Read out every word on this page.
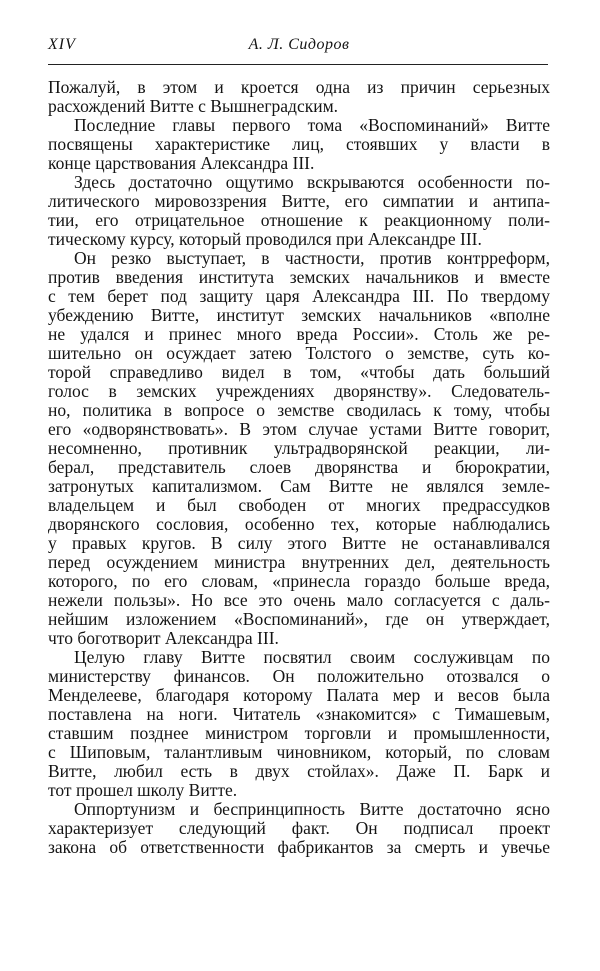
XIV	А. Л. Сидоров
Пожалуй, в этом и кроется одна из причин серьезных
расхождений Витте с Вышнеградским.
Последние главы первого тома «Воспоминаний» Витте
посвящены характеристике лиц, стоявших у власти в
конце царствования Александра III.
Здесь достаточно ощутимо вскрываются особенности по-
литического мировоззрения Витте, его симпатии и антипа-
тии, его отрицательное отношение к реакционному поли-
тическому курсу, который проводился при Александре III.
Он резко выступает, в частности, против контрреформ,
против введения института земских начальников и вместе
с тем берет под защиту царя Александра III. По твердому
убеждению Витте, институт земских начальников «вполне
не удался и принес много вреда России». Столь же ре-
шительно он осуждает затею Толстого о земстве, суть ко-
торой справедливо видел в том, «чтобы дать больший
голос в земских учреждениях дворянству». Следователь-
но, политика в вопросе о земстве сводилась к тому, чтобы
его «одворянствовать». В этом случае устами Витте говорит,
несомненно, противник ультрадворянской реакции, ли-
берал, представитель слоев дворянства и бюрократии,
затронутых капитализмом. Сам Витте не являлся земле-
владельцем и был свободен от многих предрассудков
дворянского сословия, особенно тех, которые наблюдались
у правых кругов. В силу этого Витте не останавливался
перед осуждением министра внутренних дел, деятельность
которого, по его словам, «принесла гораздо больше вреда,
нежели пользы». Но все это очень мало согласуется с даль-
нейшим изложением «Воспоминаний», где он утверждает,
что боготворит Александра III.
Целую главу Витте посвятил своим сослуживцам по
министерству финансов. Он положительно отозвался о
Менделееве, благодаря которому Палата мер и весов была
поставлена на ноги. Читатель «знакомится» с Тимашевым,
ставшим позднее министром торговли и промышленности,
с Шиповым, талантливым чиновником, который, по словам
Витте, любил есть в двух стойлах». Даже П. Барк и
тот прошел школу Витте.
Оппортунизм и беспринципность Витте достаточно ясно
характеризует следующий факт. Он подписал проект
закона об ответственности фабрикантов за смерть и увечье
